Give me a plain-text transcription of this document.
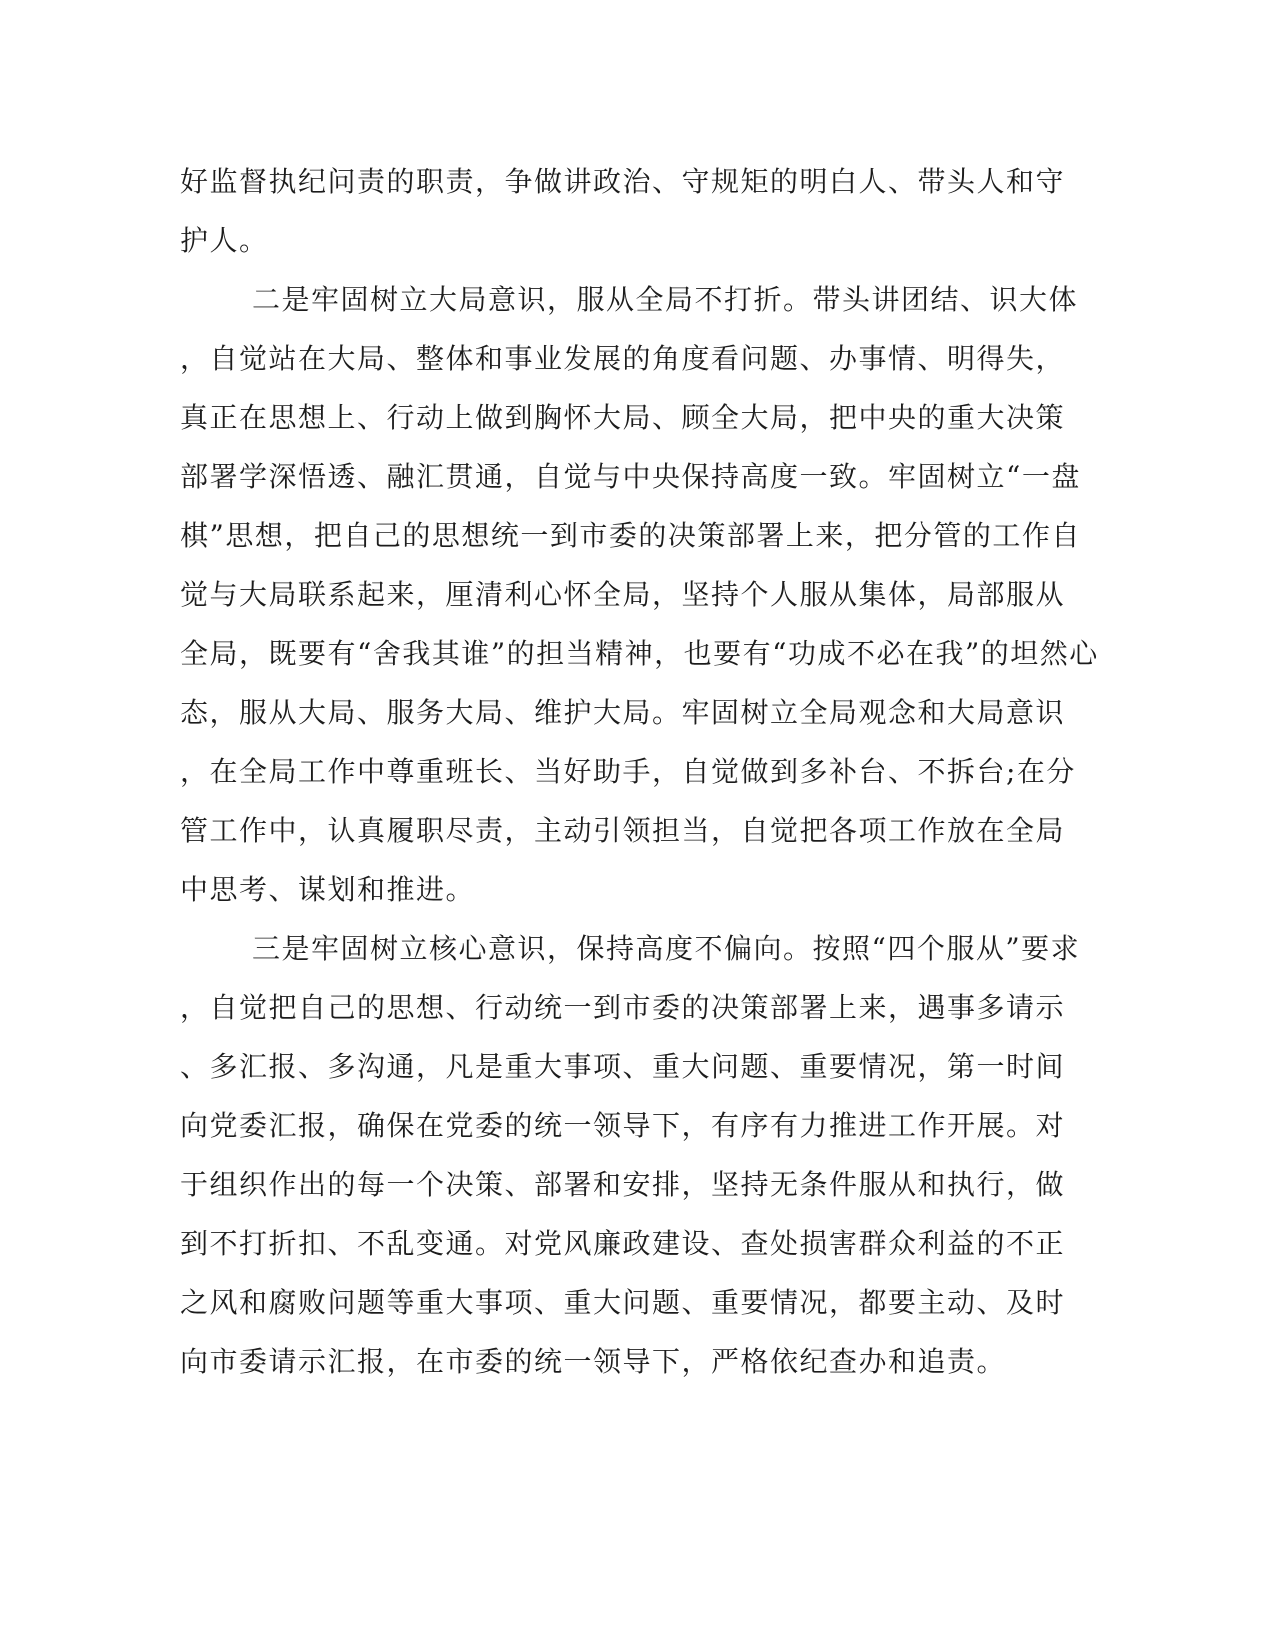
好监督执纪问责的职责，争做讲政治、守规矩的明白人、带头人和守
护人。
二是牢固树立大局意识，服从全局不打折。带头讲团结、识大体
，自觉站在大局、整体和事业发展的角度看问题、办事情、明得失，
真正在思想上、行动上做到胸怀大局、顾全大局，把中央的重大决策
部署学深悟透、融汇贯通，自觉与中央保持高度一致。牢固树立“一盘
棋”思想，把自己的思想统一到市委的决策部署上来，把分管的工作自
觉与大局联系起来，厘清利心怀全局，坚持个人服从集体，局部服从
全局，既要有“舍我其谁”的担当精神，也要有“功成不必在我”的坦然心
态，服从大局、服务大局、维护大局。牢固树立全局观念和大局意识
，在全局工作中尊重班长、当好助手，自觉做到多补台、不拆台;在分
管工作中，认真履职尽责，主动引领担当，自觉把各项工作放在全局
中思考、谋划和推进。
三是牢固树立核心意识，保持高度不偏向。按照“四个服从”要求
，自觉把自己的思想、行动统一到市委的决策部署上来，遇事多请示
、多汇报、多沟通，凡是重大事项、重大问题、重要情况，第一时间
向党委汇报，确保在党委的统一领导下，有序有力推进工作开展。对
于组织作出的每一个决策、部署和安排，坚持无条件服从和执行，做
到不打折扣、不乱变通。对党风廉政建设、查处损害群众利益的不正
之风和腐败问题等重大事项、重大问题、重要情况，都要主动、及时
向市委请示汇报，在市委的统一领导下，严格依纪查办和追责。
